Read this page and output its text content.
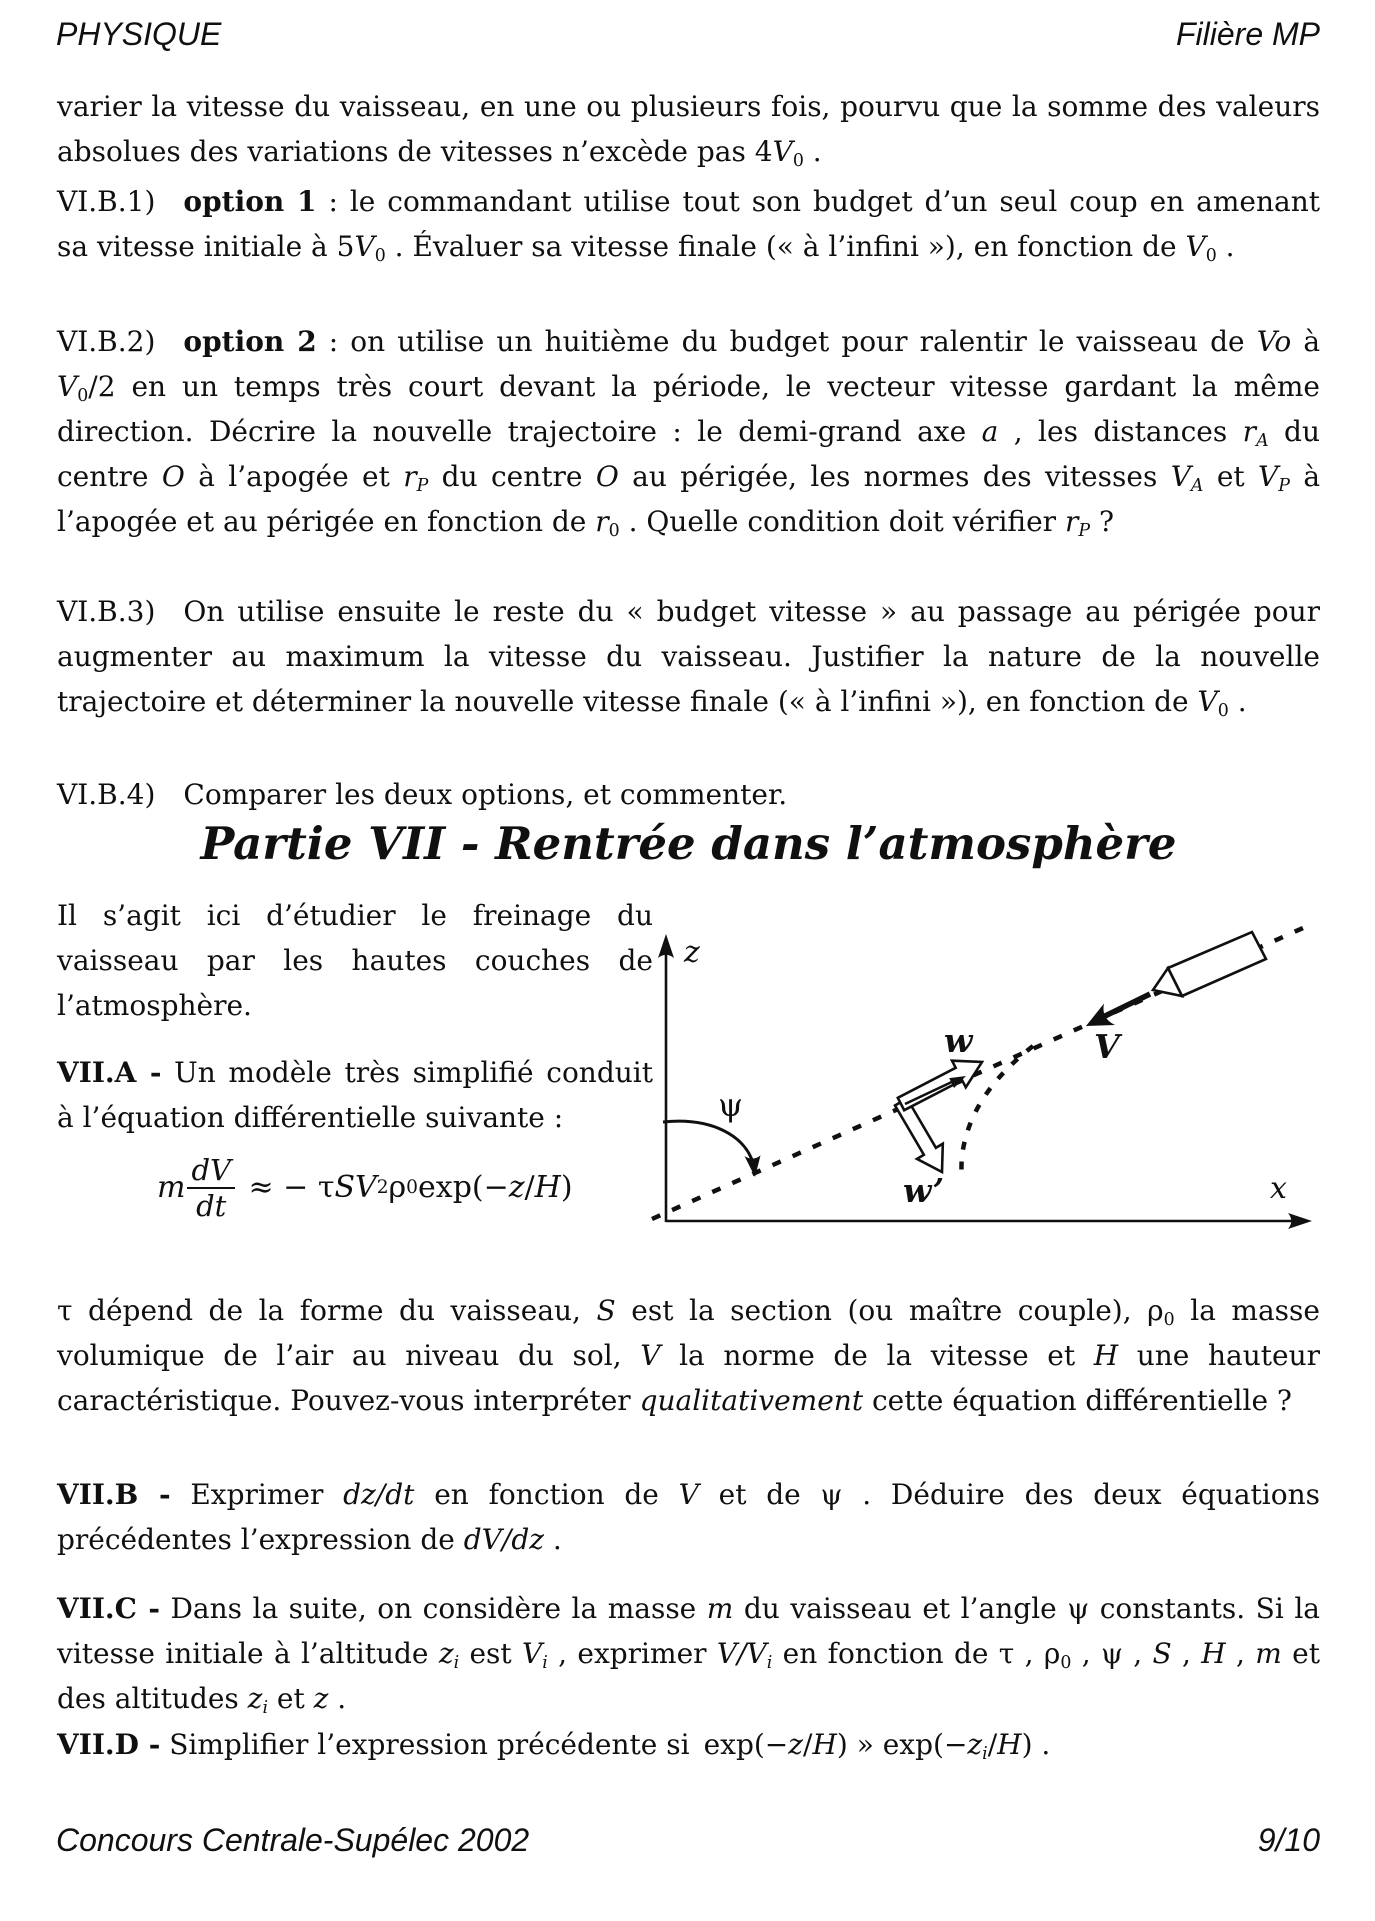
PHYSIQUE	Filière MP
varier la vitesse du vaisseau, en une ou plusieurs fois, pourvu que la somme des valeurs absolues des variations de vitesses n’excède pas $4V_0$ .
VI.B.1)  option 1 : le commandant utilise tout son budget d’un seul coup en amenant sa vitesse initiale à $5V_0$ . Évaluer sa vitesse finale (« à l’infini »), en fonction de $V_0$ .
VI.B.2)  option 2 : on utilise un huitième du budget pour ralentir le vaisseau de Vo à $V_0/2$ en un temps très court devant la période, le vecteur vitesse gardant la même direction. Décrire la nouvelle trajectoire : le demi-grand axe a , les distances $r_A$ du centre O à l’apogée et $r_P$ du centre O au périgée, les normes des vitesses $V_A$ et $V_P$ à l’apogée et au périgée en fonction de $r_0$ . Quelle condition doit vérifier $r_P$ ?
VI.B.3)  On utilise ensuite le reste du « budget vitesse » au passage au périgée pour augmenter au maximum la vitesse du vaisseau. Justifier la nature de la nouvelle trajectoire et déterminer la nouvelle vitesse finale (« à l’infini »), en fonction de $V_0$ .
VI.B.4)  Comparer les deux options, et commenter.
Partie VII - Rentrée dans l’atmosphère
Il s’agit ici d’étudier le freinage du vaisseau par les hautes couches de l’atmosphère.
VII.A - Un modèle très simplifié conduit à l’équation différentielle suivante :
m $\frac{dV}{dt}$ ≈ − τ SV 2 ρ 0 exp(− z / H )
z
x
ψ
w
w’
V
τ dépend de la forme du vaisseau, S est la section (ou maître couple), $\rho_0$ la masse volumique de l’air au niveau du sol, V la norme de la vitesse et H une hauteur caractéristique. Pouvez-vous interpréter qualitativement cette équation différentielle ?
VII.B - Exprimer dz/dt en fonction de V et de ψ . Déduire des deux équations précédentes l’expression de dV/dz .
VII.C - Dans la suite, on considère la masse m du vaisseau et l’angle ψ constants. Si la vitesse initiale à l’altitude $z_i$ est $V_i$ , exprimer $V/V_i$ en fonction de τ , $\rho_0$ , ψ , S , H , m et des altitudes $z_i$ et z .
VII.D - Simplifier l’expression précédente si exp(−z/H) » $\exp(-z_i/H)$ .
Concours Centrale-Supélec 2002	9/10
